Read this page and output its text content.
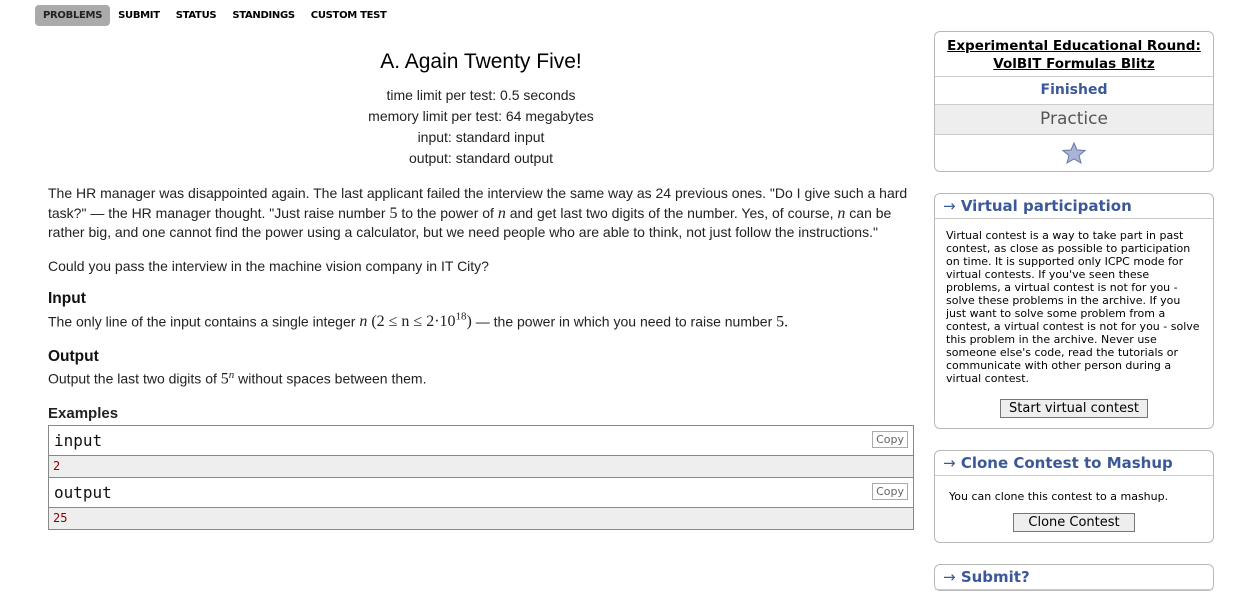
PROBLEMS	SUBMIT	STATUS	STANDINGS	CUSTOM TEST
A. Again Twenty Five!
time limit per test: 0.5 seconds
memory limit per test: 64 megabytes
input: standard input
output: standard output

The HR manager was disappointed again. The last applicant failed the interview the same way as 24 previous ones. "Do I give such a hard task?" — the HR manager thought. "Just raise number 5 to the power of n and get last two digits of the number. Yes, of course, n can be rather big, and one cannot find the power using a calculator, but we need people who are able to think, not just follow the instructions."

Could you pass the interview in the machine vision company in IT City?

Input

The only line of the input contains a single integer n $(2 \le n \le 2\cdot 10^{18})$ — the power in which you need to raise number 5.

Output

Output the last two digits of 5$^n$ without spaces between them.

Examples
input	Copy
2
output	Copy
25
Experimental Educational Round: VolBIT Formulas Blitz
Finished
Practice
→ Virtual participation
Virtual contest is a way to take part in past contest, as close as possible to participation on time. It is supported only ICPC mode for virtual contests. If you've seen these problems, a virtual contest is not for you - solve these problems in the archive. If you just want to solve some problem from a contest, a virtual contest is not for you - solve this problem in the archive. Never use someone else's code, read the tutorials or communicate with other person during a virtual contest.
Start virtual contest
→ Clone Contest to Mashup
You can clone this contest to a mashup.
Clone Contest
→ Submit?
